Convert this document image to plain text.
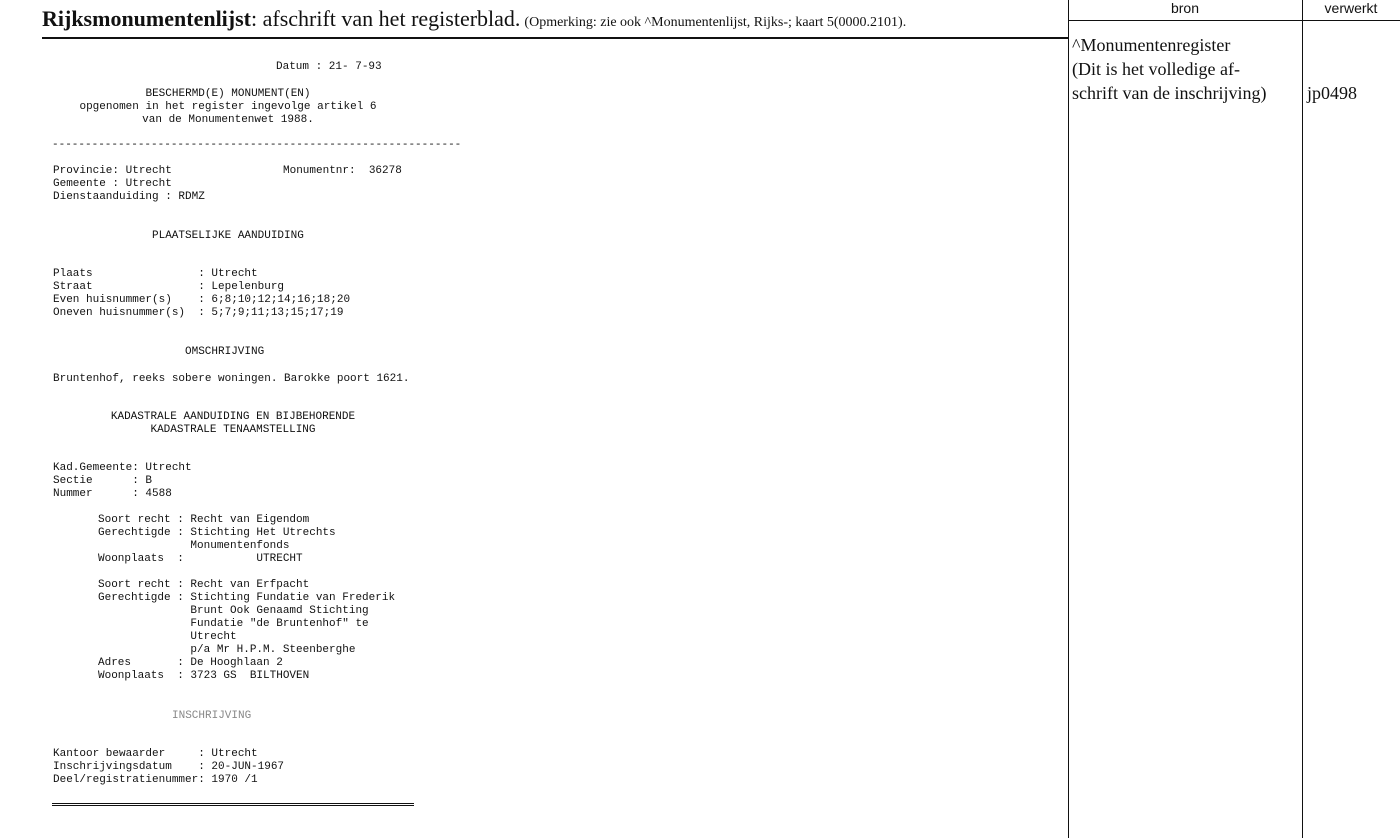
Rijksmonumentenlijst: afschrift van het registerblad. (Opmerking: zie ook ^Monumentenlijst, Rijks-; kaart 5(0000.2101).
bron	verwerkt
^Monumentenregister
(Dit is het volledige af-
schrift van de inschrijving) jp0498
Datum : 21- 7-93
BESCHERMD(E) MONUMENT(EN)
opgenomen in het register ingevolge artikel 6
van de Monumentenwet 1988.
--------------------------------------------------------------
Provincie: Utrecht
Gemeente : Utrecht
Dienstaanduiding : RDMZ
Monumentnr:  36278
PLAATSELIJKE AANDUIDING
Plaats                : Utrecht
Straat                : Lepelenburg
Even huisnummer(s)    : 6;8;10;12;14;16;18;20
Oneven huisnummer(s)  : 5;7;9;11;13;15;17;19
OMSCHRIJVING
Bruntenhof, reeks sobere woningen. Barokke poort 1621.
KADASTRALE AANDUIDING EN BIJBEHORENDE
KADASTRALE TENAAMSTELLING
Kad.Gemeente: Utrecht
Sectie      : B
Nummer      : 4588
Soort recht : Recht van Eigendom
Gerechtigde : Stichting Het Utrechts
Monumentenfonds
Woonplaats  :           UTRECHT
Soort recht : Recht van Erfpacht
Gerechtigde : Stichting Fundatie van Frederik
Brunt Ook Genaamd Stichting
Fundatie "de Bruntenhof" te
Utrecht
p/a Mr H.P.M. Steenberghe
Adres       : De Hooghlaan 2
Woonplaats  : 3723 GS  BILTHOVEN
INSCHRIJVING
Kantoor bewaarder     : Utrecht
Inschrijvingsdatum    : 20-JUN-1967
Deel/registratienummer: 1970 /1
